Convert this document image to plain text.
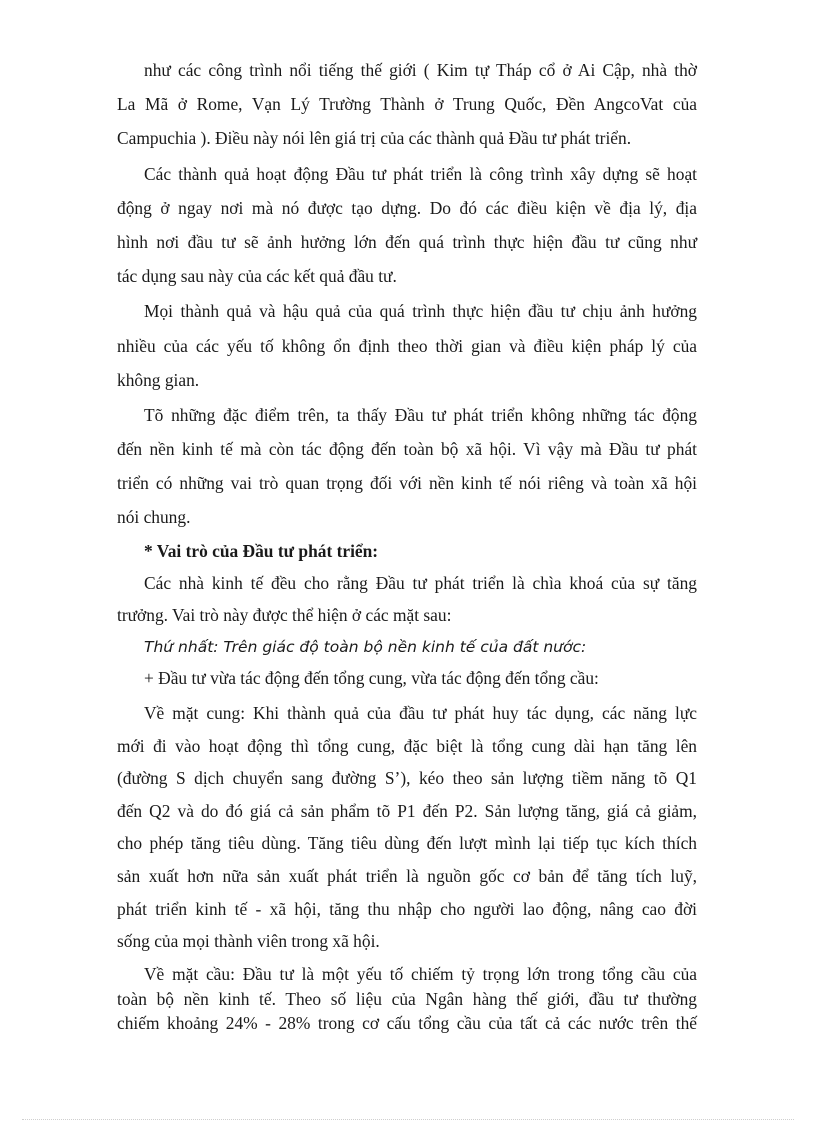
như các công trình nổi tiếng thế giới ( Kim tự Tháp cổ ở Ai Cập, nhà thờ

La Mã ở Rome, Vạn Lý Trường Thành ở Trung Quốc, Đền AngcoVat của

Campuchia ). Điều này nói lên giá trị của các thành quả Đầu tư phát triển.

Các thành quả hoạt động Đầu tư phát triển là công trình xây dựng sẽ hoạt

động ở ngay nơi mà nó được tạo dựng. Do đó các điều kiện về địa lý, địa

hình nơi đầu tư sẽ ảnh hưởng lớn đến quá trình thực hiện đầu tư cũng như

tác dụng sau này của các kết quả đầu tư.

Mọi thành quả và hậu quả của quá trình thực hiện đầu tư chịu ảnh hưởng

nhiều của các yếu tố không ổn định theo thời gian và điều kiện pháp lý của

không gian.

Tõ những đặc điểm trên, ta thấy Đầu tư phát triển không những tác động

đến nền kinh tế mà còn tác động đến toàn bộ xã hội. Vì vậy mà Đầu tư phát

triển có những vai trò quan trọng đối với nền kinh tế nói riêng và toàn xã hội

nói chung.

* Vai trò của Đầu tư phát triển:

Các nhà kinh tế đều cho rằng Đầu tư phát triển là chìa khoá của sự tăng

trưởng. Vai trò này được thể hiện ở các mặt sau:

Thứ nhất: Trên giác độ toàn bộ nền kinh tế của đất nước:

+ Đầu tư vừa tác động đến tổng cung, vừa tác động đến tổng cầu:

Về mặt cung: Khi thành quả của đầu tư phát huy tác dụng, các năng lực

mới đi vào hoạt động thì tổng cung, đặc biệt là tổng cung dài hạn tăng lên

(đường S dịch chuyển sang đường S’), kéo theo sản lượng tiềm năng tõ Q1

đến Q2 và do đó giá cả sản phẩm tõ P1 đến P2. Sản lượng tăng, giá cả giảm,

cho phép tăng tiêu dùng. Tăng tiêu dùng đến lượt mình lại tiếp tục kích thích

sản xuất hơn nữa sản xuất phát triển là nguồn gốc cơ bản để tăng tích luỹ,

phát triển kinh tế - xã hội, tăng thu nhập cho người lao động, nâng cao đời

sống của mọi thành viên trong xã hội.

Về mặt cầu: Đầu tư là một yếu tố chiếm tỷ trọng lớn trong tổng cầu của

toàn bộ nền kinh tế. Theo số liệu của Ngân hàng thế giới, đầu tư thường

chiếm khoảng 24% - 28% trong cơ cấu tổng cầu của tất cả các nước trên thế
